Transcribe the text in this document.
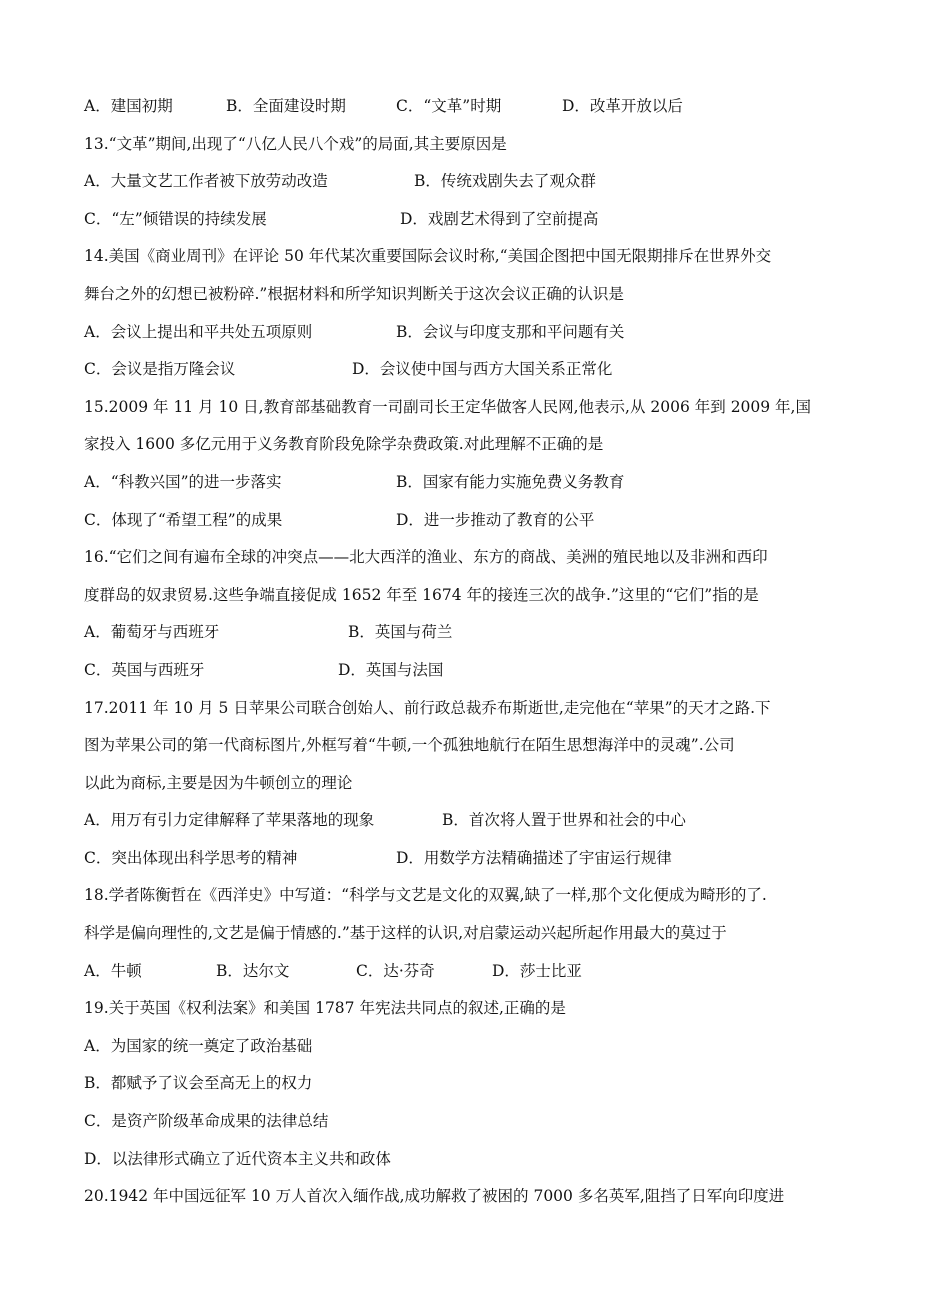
A．建国初期	B．全面建设时期	C．“文革”时期	D．改革开放以后
13.“文革”期间,出现了“八亿人民八个戏”的局面,其主要原因是
A．大量文艺工作者被下放劳动改造	B．传统戏剧失去了观众群
C．“左”倾错误的持续发展	D．戏剧艺术得到了空前提高
14.美国《商业周刊》在评论 50 年代某次重要国际会议时称,“美国企图把中国无限期排斥在世界外交
舞台之外的幻想已被粉碎.”根据材料和所学知识判断关于这次会议正确的认识是
A．会议上提出和平共处五项原则	B．会议与印度支那和平问题有关
C．会议是指万隆会议	D．会议使中国与西方大国关系正常化
15.2009 年 11 月 10 日,教育部基础教育一司副司长王定华做客人民网,他表示,从 2006 年到 2009 年,国
家投入 1600 多亿元用于义务教育阶段免除学杂费政策.对此理解不正确的是
A．“科教兴国”的进一步落实	B．国家有能力实施免费义务教育
C．体现了“希望工程”的成果	D．进一步推动了教育的公平
16.“它们之间有遍布全球的冲突点——北大西洋的渔业、东方的商战、美洲的殖民地以及非洲和西印
度群岛的奴隶贸易.这些争端直接促成 1652 年至 1674 年的接连三次的战争.”这里的“它们”指的是
A．葡萄牙与西班牙	B．英国与荷兰
C．英国与西班牙	D．英国与法国
17.2011 年 10 月 5 日苹果公司联合创始人、前行政总裁乔布斯逝世,走完他在“苹果”的天才之路.下
图为苹果公司的第一代商标图片,外框写着“牛顿,一个孤独地航行在陌生思想海洋中的灵魂”.公司
以此为商标,主要是因为牛顿创立的理论
A．用万有引力定律解释了苹果落地的现象	B．首次将人置于世界和社会的中心
C．突出体现出科学思考的精神	D．用数学方法精确描述了宇宙运行规律
18.学者陈衡哲在《西洋史》中写道：“科学与文艺是文化的双翼,缺了一样,那个文化便成为畸形的了.
科学是偏向理性的,文艺是偏于情感的.”基于这样的认识,对启蒙运动兴起所起作用最大的莫过于
A．牛顿	B．达尔文	C．达·芬奇	D．莎士比亚
19.关于英国《权利法案》和美国 1787 年宪法共同点的叙述,正确的是
A．为国家的统一奠定了政治基础
B．都赋予了议会至高无上的权力
C．是资产阶级革命成果的法律总结
D．以法律形式确立了近代资本主义共和政体
20.1942 年中国远征军 10 万人首次入缅作战,成功解救了被困的 7000 多名英军,阻挡了日军向印度进
